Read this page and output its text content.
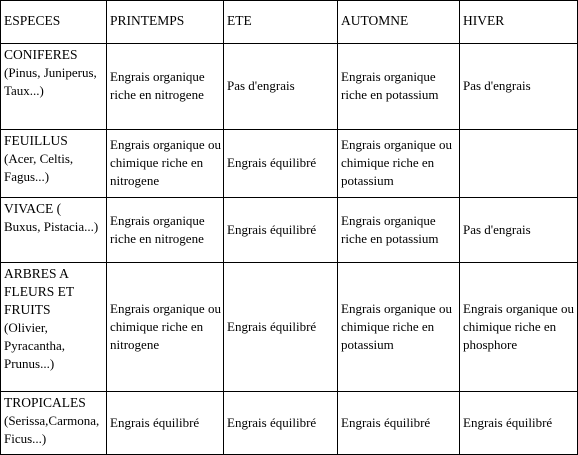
ESPECES	PRINTEMPS	ETE	AUTOMNE	HIVER

CONIFERES
(Pinus, Juniperus, Taux...)	Engrais organique riche en nitrogene	Pas d'engrais	Engrais organique riche en potassium	Pas d'engrais

FEUILLUS
(Acer, Celtis, Fagus...)	Engrais organique ou chimique riche en nitrogene	Engrais équilibré	Engrais organique ou chimique riche en potassium	

VIVACE (
Buxus, Pistacia...)	Engrais organique riche en nitrogene	Engrais équilibré	Engrais organique riche en potassium	Pas d'engrais

ARBRES A FLEURS ET FRUITS
(Olivier, Pyracantha, Prunus...)	Engrais organique ou chimique riche en nitrogene	Engrais équilibré	Engrais organique ou chimique riche en potassium	Engrais organique ou chimique riche en phosphore

TROPICALES
(Serissa,Carmona, Ficus...)	Engrais équilibré	Engrais équilibré	Engrais équilibré	Engrais équilibré
